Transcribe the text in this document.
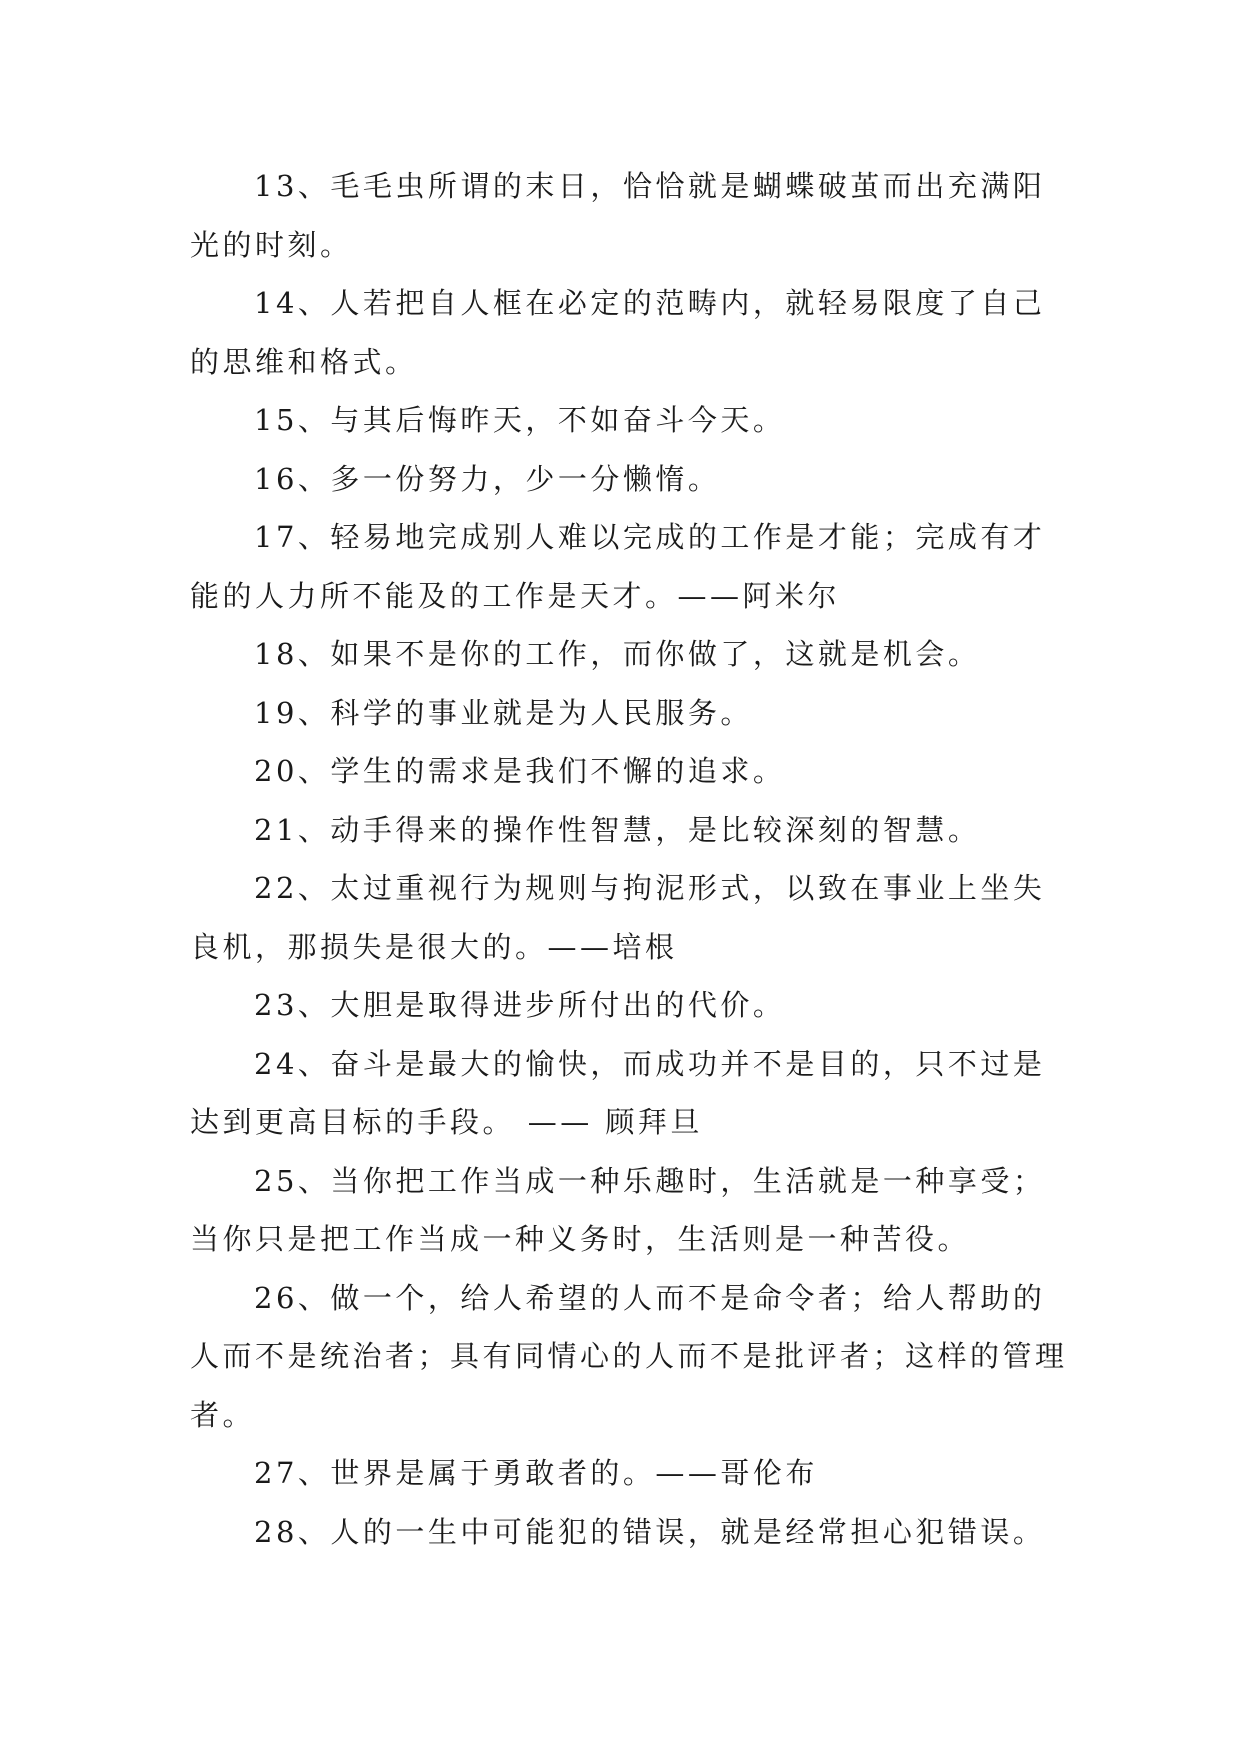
13、毛毛虫所谓的末日，恰恰就是蝴蝶破茧而出充满阳光的时刻。

14、人若把自人框在必定的范畴内，就轻易限度了自己的思维和格式。

15、与其后悔昨天，不如奋斗今天。

16、多一份努力，少一分懒惰。

17、轻易地完成别人难以完成的工作是才能；完成有才能的人力所不能及的工作是天才。——阿米尔

18、如果不是你的工作，而你做了，这就是机会。

19、科学的事业就是为人民服务。

20、学生的需求是我们不懈的追求。

21、动手得来的操作性智慧，是比较深刻的智慧。

22、太过重视行为规则与拘泥形式，以致在事业上坐失良机，那损失是很大的。——培根

23、大胆是取得进步所付出的代价。

24、奋斗是最大的愉快，而成功并不是目的，只不过是达到更高目标的手段。 —— 顾拜旦

25、当你把工作当成一种乐趣时，生活就是一种享受；当你只是把工作当成一种义务时，生活则是一种苦役。

26、做一个，给人希望的人而不是命令者；给人帮助的人而不是统治者；具有同情心的人而不是批评者；这样的管理者。

27、世界是属于勇敢者的。——哥伦布

28、人的一生中可能犯的错误，就是经常担心犯错误。
